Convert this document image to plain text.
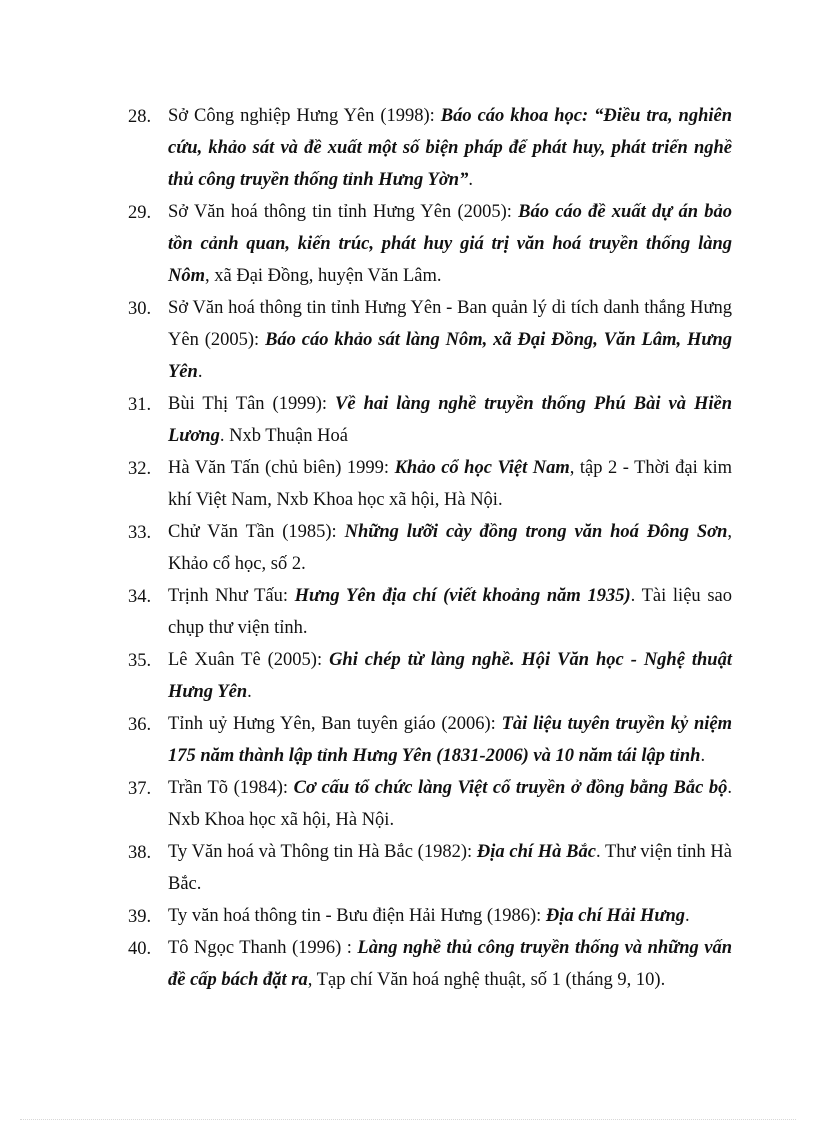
28. Sở Công nghiệp Hưng Yên (1998): Báo cáo khoa học: “Điều tra, nghiên cứu, khảo sát và đề xuất một số biện pháp để phát huy, phát triển nghề thủ công truyền thống tỉnh Hưng Yờn”.
29. Sở Văn hoá thông tin tỉnh Hưng Yên (2005): Báo cáo đề xuất dự án bảo tồn cảnh quan, kiến trúc, phát huy giá trị văn hoá truyền thống làng Nôm, xã Đại Đồng, huyện Văn Lâm.
30. Sở Văn hoá thông tin tỉnh Hưng Yên - Ban quản lý di tích danh thắng Hưng Yên (2005): Báo cáo khảo sát làng Nôm, xã Đại Đồng, Văn Lâm, Hưng Yên.
31. Bùi Thị Tân (1999): Về hai làng nghề truyền thống Phú Bài và Hiền Lương. Nxb Thuận Hoá
32. Hà Văn Tấn (chủ biên) 1999: Khảo cổ học Việt Nam, tập 2 - Thời đại kim khí Việt Nam, Nxb Khoa học xã hội, Hà Nội.
33. Chử Văn Tần (1985): Những lưỡi cày đồng trong văn hoá Đông Sơn, Khảo cổ học, số 2.
34. Trịnh Như Tấu: Hưng Yên địa chí (viết khoảng năm 1935). Tài liệu sao chụp thư viện tỉnh.
35. Lê Xuân Tê (2005): Ghi chép từ làng nghề. Hội Văn học - Nghệ thuật Hưng Yên.
36. Tỉnh uỷ Hưng Yên, Ban tuyên giáo (2006): Tài liệu tuyên truyền kỷ niệm 175 năm thành lập tỉnh Hưng Yên (1831-2006) và 10 năm tái lập tỉnh.
37. Trần Tõ (1984): Cơ cấu tổ chức làng Việt cổ truyền ở đồng bằng Bắc bộ. Nxb Khoa học xã hội, Hà Nội.
38. Ty Văn hoá và Thông tin Hà Bắc (1982): Địa chí Hà Bắc. Thư viện tỉnh Hà Bắc.
39. Ty văn hoá thông tin - Bưu điện Hải Hưng (1986): Địa chí Hải Hưng.
40. Tô Ngọc Thanh (1996) : Làng nghề thủ công truyền thống và những vấn đề cấp bách đặt ra, Tạp chí Văn hoá nghệ thuật, số 1 (tháng 9, 10).
